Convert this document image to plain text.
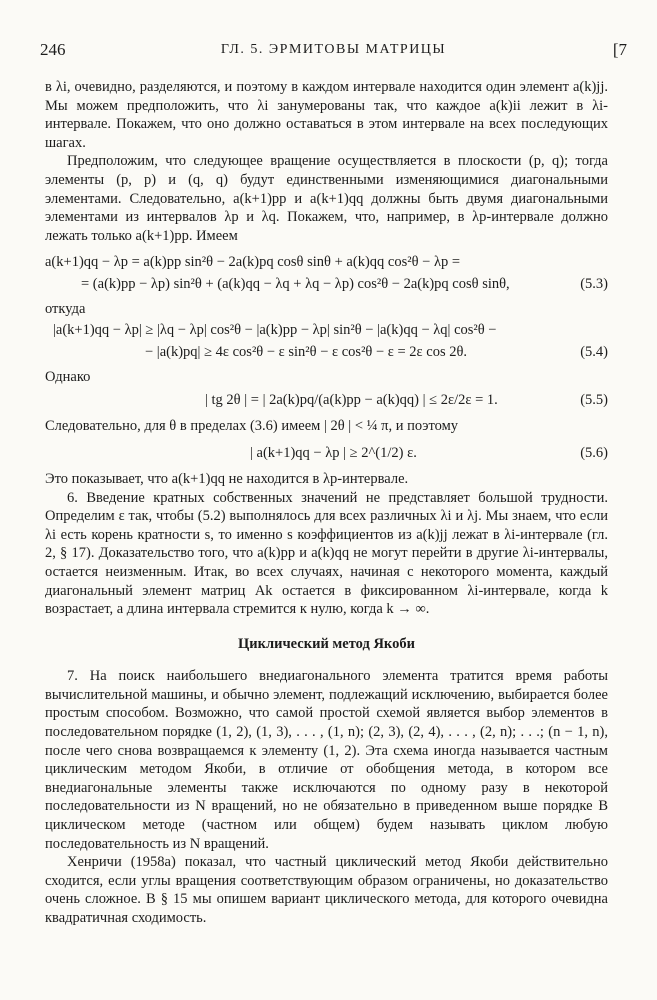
246	ГЛ. 5. ЭРМИТОВЫ МАТРИЦЫ	[7

в λi, очевидно, разделяются, и поэтому в каждом интервале находится один элемент a(k)jj. Мы можем предположить, что λi занумерованы так, что каждое a(k)ii лежит в λi-интервале. Покажем, что оно должно оставаться в этом интервале на всех последующих шагах.

Предположим, что следующее вращение осуществляется в плоскости (p, q); тогда элементы (p, p) и (q, q) будут единственными изменяющимися диагональными элементами. Следовательно, a(k+1)pp и a(k+1)qq должны быть двумя диагональными элементами из интервалов λp и λq. Покажем, что, например, в λp-интервале должно лежать только a(k+1)pp. Имеем

a(k+1)qq − λp = a(k)pp sin²θ − 2a(k)pq cosθ sinθ + a(k)qq cos²θ − λp =
= (a(k)pp − λp) sin²θ + (a(k)qq − λq + λq − λp) cos²θ − 2a(k)pq cosθ sinθ,	(5.3)

откуда

|a(k+1)qq − λp| ≥ |λq − λp| cos²θ − |a(k)pp − λp| sin²θ − |a(k)qq − λq| cos²θ −
− |a(k)pq| ≥ 4ε cos²θ − ε sin²θ − ε cos²θ − ε = 2ε cos 2θ.	(5.4)

Однако

| tg 2θ | = | 2a(k)pq/(a(k)pp − a(k)qq) | ≤ 2ε/2ε = 1.	(5.5)

Следовательно, для θ в пределах (3.6) имеем | 2θ | < ¼ π, и поэтому

| a(k+1)qq − λp | ≥ 2^(1/2) ε.	(5.6)

Это показывает, что a(k+1)qq не находится в λp-интервале.

6. Введение кратных собственных значений не представляет большой трудности. Определим ε так, чтобы (5.2) выполнялось для всех различных λi и λj. Мы знаем, что если λi есть корень кратности s, то именно s коэффициентов из a(k)jj лежат в λi-интервале (гл. 2, § 17). Доказательство того, что a(k)pp и a(k)qq не могут перейти в другие λi-интервалы, остается неизменным. Итак, во всех случаях, начиная с некоторого момента, каждый диагональный элемент матриц Ak остается в фиксированном λi-интервале, когда k возрастает, а длина интервала стремится к нулю, когда k → ∞.

Циклический метод Якоби

7. На поиск наибольшего внедиагонального элемента тратится время работы вычислительной машины, и обычно элемент, подлежащий исключению, выбирается более простым способом. Возможно, что самой простой схемой является выбор элементов в последовательном порядке (1, 2), (1, 3), . . . , (1, n); (2, 3), (2, 4), . . . , (2, n); . . .; (n − 1, n), после чего снова возвращаемся к элементу (1, 2). Эта схема иногда называется частным циклическим методом Якоби, в отличие от обобщения метода, в котором все внедиагональные элементы также исключаются по одному разу в некоторой последовательности из N вращений, но не обязательно в приведенном выше порядке В циклическом методе (частном или общем) будем называть циклом любую последовательность из N вращений.

Хенричи (1958а) показал, что частный циклический метод Якоби действительно сходится, если углы вращения соответствующим образом ограничены, но доказательство очень сложное. В § 15 мы опишем вариант циклического метода, для которого очевидна квадратичная сходимость.
